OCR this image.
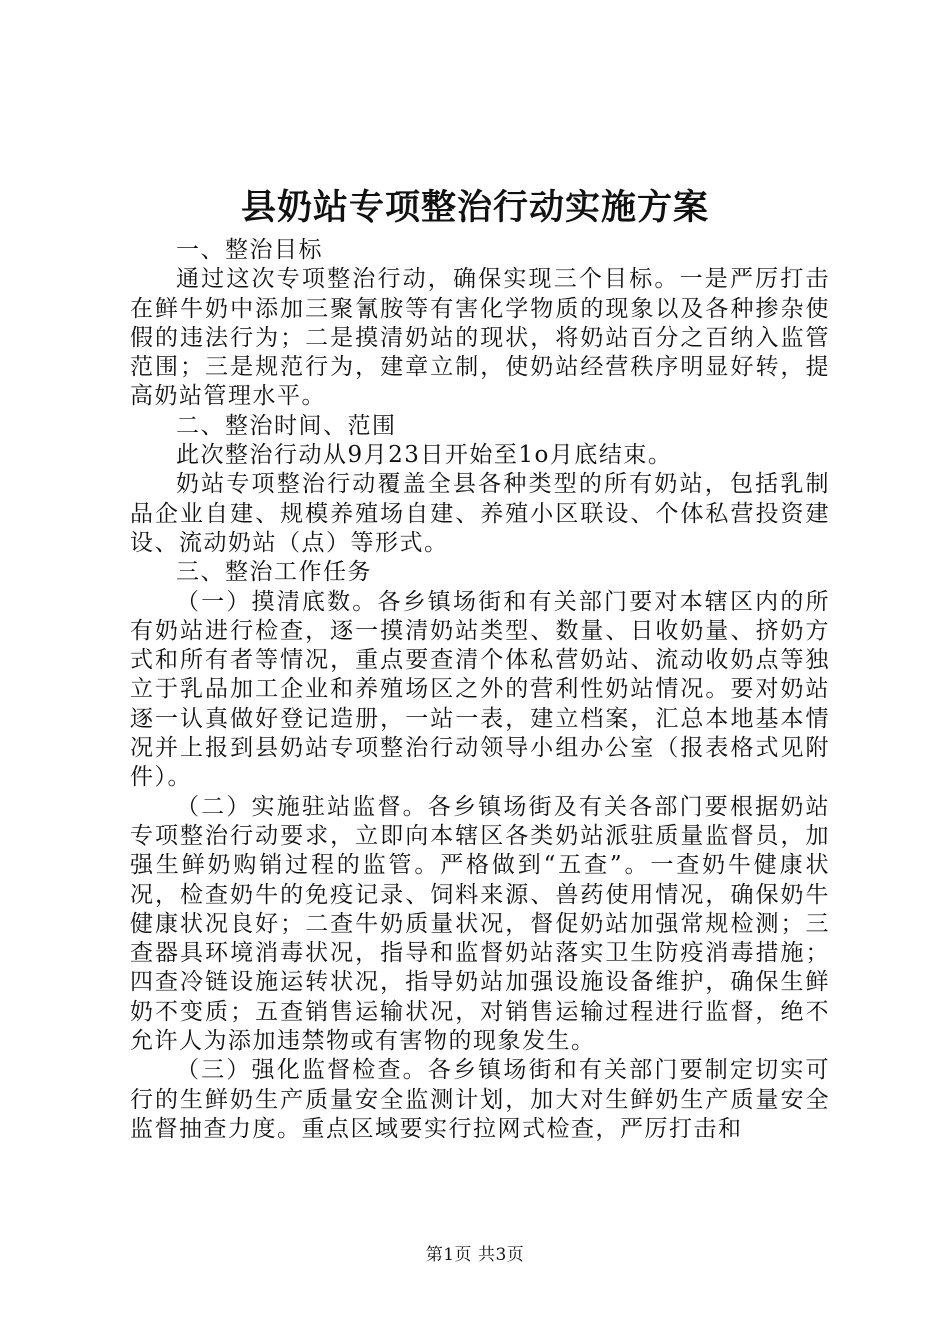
县奶站专项整治行动实施方案

一、整治目标

通过这次专项整治行动，确保实现三个目标。一是严厉打击在鲜牛奶中添加三聚氰胺等有害化学物质的现象以及各种掺杂使假的违法行为；二是摸清奶站的现状，将奶站百分之百纳入监管范围；三是规范行为，建章立制，使奶站经营秩序明显好转，提高奶站管理水平。

二、整治时间、范围

此次整治行动从9月23日开始至1o月底结束。

奶站专项整治行动覆盖全县各种类型的所有奶站，包括乳制品企业自建、规模养殖场自建、养殖小区联设、个体私营投资建设、流动奶站（点）等形式。

三、整治工作任务

（一）摸清底数。各乡镇场街和有关部门要对本辖区内的所有奶站进行检查，逐一摸清奶站类型、数量、日收奶量、挤奶方式和所有者等情况，重点要查清个体私营奶站、流动收奶点等独立于乳品加工企业和养殖场区之外的营利性奶站情况。要对奶站逐一认真做好登记造册，一站一表，建立档案，汇总本地基本情况并上报到县奶站专项整治行动领导小组办公室（报表格式见附件）。

（二）实施驻站监督。各乡镇场街及有关各部门要根据奶站专项整治行动要求，立即向本辖区各类奶站派驻质量监督员，加强生鲜奶购销过程的监管。严格做到“五查”。一查奶牛健康状况，检查奶牛的免疫记录、饲料来源、兽药使用情况，确保奶牛健康状况良好；二查牛奶质量状况，督促奶站加强常规检测；三查器具环境消毒状况，指导和监督奶站落实卫生防疫消毒措施；四查冷链设施运转状况，指导奶站加强设施设备维护，确保生鲜奶不变质；五查销售运输状况，对销售运输过程进行监督，绝不允许人为添加违禁物或有害物的现象发生。

（三）强化监督检查。各乡镇场街和有关部门要制定切实可行的生鲜奶生产质量安全监测计划，加大对生鲜奶生产质量安全监督抽查力度。重点区域要实行拉网式检查，严厉打击和

第1页 共3页
